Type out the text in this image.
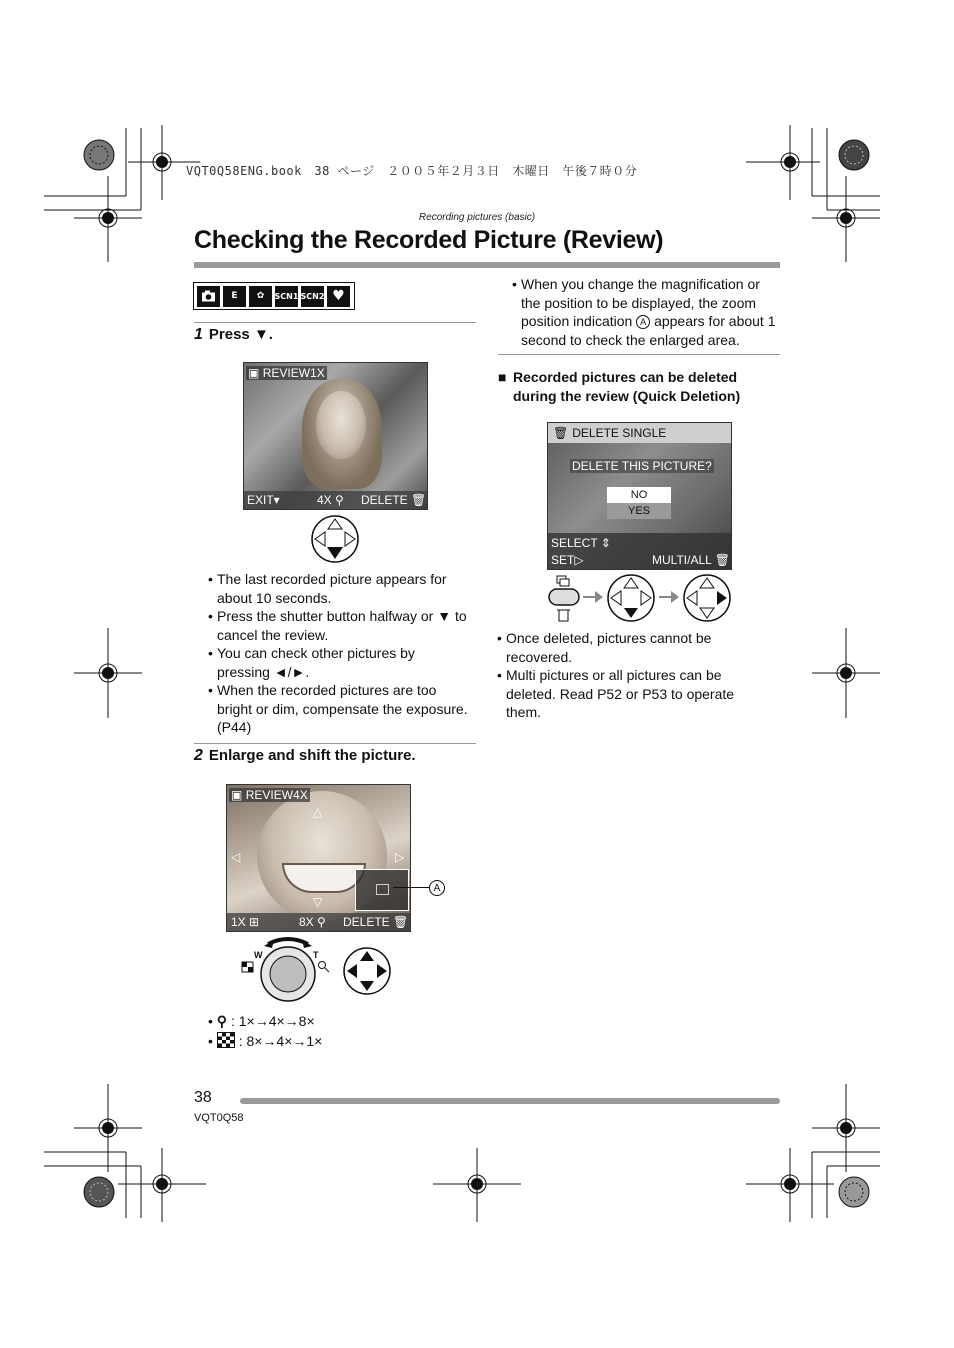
VQT0Q58ENG.book　38 ページ　２００５年２月３日　木曜日　午後７時０分
Recording pictures (basic)
Checking the Recorded Picture (Review)
E	✿	SCN1 SCN2 ♥
1 Press ▼.
▣ REVIEW1X
EXIT▾	4X ⚲ DELETE 🗑
• The last recorded picture appears for about 10 seconds.
• Press the shutter button halfway or ▼ to cancel the review.
• You can check other pictures by pressing ◄/►.
• When the recorded pictures are too bright or dim, compensate the exposure. (P44)
2 Enlarge and shift the picture.
▣ REVIEW4X
△
◁	▷
▽
1X ⊞	8X ⚲ DELETE 🗑
A
W	T
• ⚲ : 1×→4×→8×
•  : 8×→4×→1×
• When you change the magnification or the position to be displayed, the zoom position indication A appears for about 1 second to check the enlarged area.
■ Recorded pictures can be deleted during the review (Quick Deletion)
🗑 DELETE SINGLE
DELETE THIS PICTURE?
NO
YES
SELECT ⇕
SET▷	MULTI/ALL 🗑
• Once deleted, pictures cannot be recovered.
• Multi pictures or all pictures can be deleted. Read P52 or P53 to operate them.
38
VQT0Q58
